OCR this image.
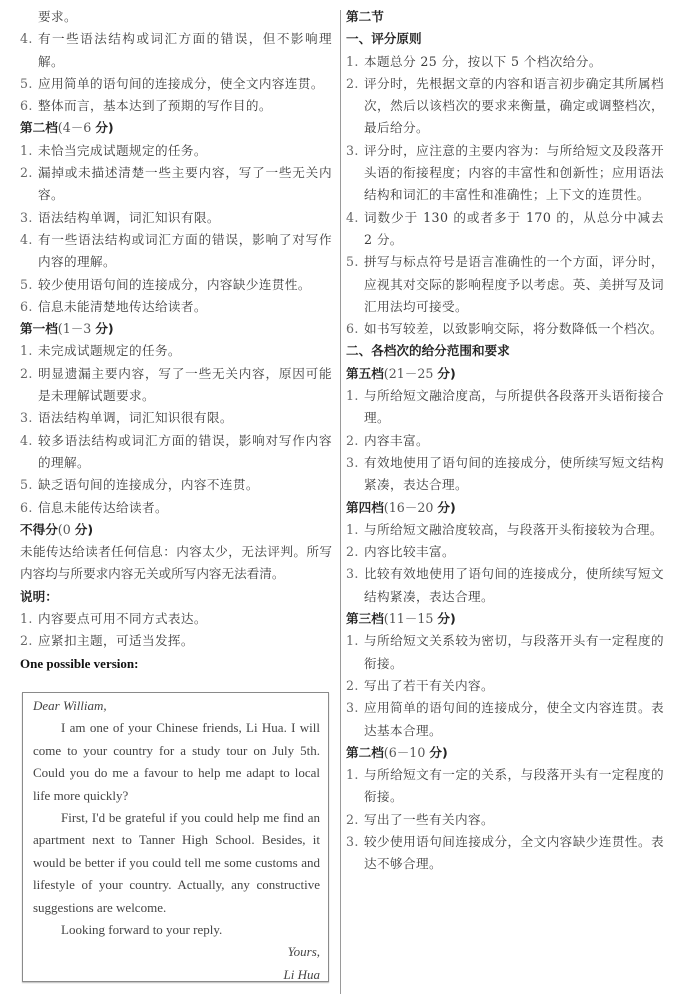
要求。
4. 有一些语法结构或词汇方面的错误，但不影响理解。
5. 应用简单的语句间的连接成分，使全文内容连贯。
6. 整体而言，基本达到了预期的写作目的。
第二档(4－6 分)
1. 未恰当完成试题规定的任务。
2. 漏掉或未描述清楚一些主要内容，写了一些无关内容。
3. 语法结构单调，词汇知识有限。
4. 有一些语法结构或词汇方面的错误，影响了对写作内容的理解。
5. 较少使用语句间的连接成分，内容缺少连贯性。
6. 信息未能清楚地传达给读者。
第一档(1－3 分)
1. 未完成试题规定的任务。
2. 明显遗漏主要内容，写了一些无关内容，原因可能是未理解试题要求。
3. 语法结构单调，词汇知识很有限。
4. 较多语法结构或词汇方面的错误，影响对写作内容的理解。
5. 缺乏语句间的连接成分，内容不连贯。
6. 信息未能传达给读者。
不得分(0 分)
未能传达给读者任何信息：内容太少，无法评判。所写内容均与所要求内容无关或所写内容无法看清。
说明：
1. 内容要点可用不同方式表达。
2. 应紧扣主题，可适当发挥。
One possible version:
Dear William,
I am one of your Chinese friends, Li Hua. I will come to your country for a study tour on July 5th. Could you do me a favour to help me adapt to local life more quickly?
First, I'd be grateful if you could help me find an apartment next to Tanner High School. Besides, it would be better if you could tell me some customs and lifestyle of your country. Actually, any constructive suggestions are welcome.
Looking forward to your reply.
Yours,
Li Hua
第二节
一、评分原则
1. 本题总分 25 分，按以下 5 个档次给分。
2. 评分时，先根据文章的内容和语言初步确定其所属档次，然后以该档次的要求来衡量，确定或调整档次，最后给分。
3. 评分时，应注意的主要内容为：与所给短文及段落开头语的衔接程度；内容的丰富性和创新性；应用语法结构和词汇的丰富性和准确性；上下文的连贯性。
4. 词数少于 130 的或者多于 170 的，从总分中减去 2 分。
5. 拼写与标点符号是语言准确性的一个方面，评分时，应视其对交际的影响程度予以考虑。英、美拼写及词汇用法均可接受。
6. 如书写较差，以致影响交际，将分数降低一个档次。
二、各档次的给分范围和要求
第五档(21－25 分)
1. 与所给短文融洽度高，与所提供各段落开头语衔接合理。
2. 内容丰富。
3. 有效地使用了语句间的连接成分，使所续写短文结构紧凑，表达合理。
第四档(16－20 分)
1. 与所给短文融洽度较高，与段落开头衔接较为合理。
2. 内容比较丰富。
3. 比较有效地使用了语句间的连接成分，使所续写短文结构紧凑，表达合理。
第三档(11－15 分)
1. 与所给短文关系较为密切，与段落开头有一定程度的衔接。
2. 写出了若干有关内容。
3. 应用简单的语句间的连接成分，使全文内容连贯。表达基本合理。
第二档(6－10 分)
1. 与所给短文有一定的关系，与段落开头有一定程度的衔接。
2. 写出了一些有关内容。
3. 较少使用语句间连接成分，全文内容缺少连贯性。表达不够合理。
